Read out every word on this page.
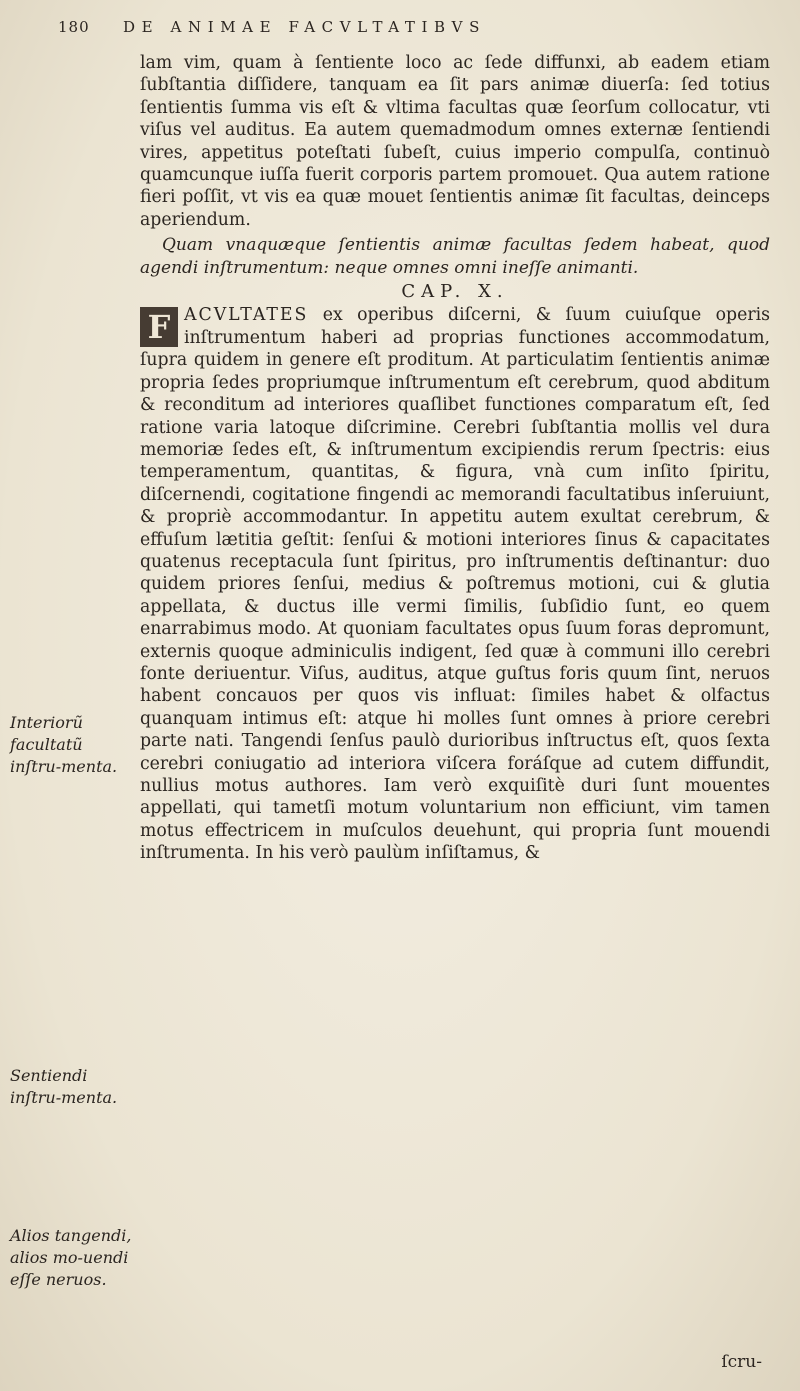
180 DE ANIMAE FACVLTATIBVS
Interiorũ facultatũ inſtru-menta.
Sentiendi inſtru-menta.
Alios tangendi, alios mo-uendi eſſe neruos.

lam vim, quam à ſentiente loco ac ſede diffunxi, ab eadem etiam ſubſtantia diſſidere, tanquam ea ſit pars animæ diuerſa: ſed totius ſentientis ſumma vis eſt & vltima facultas quæ ſeorſum collocatur, vti viſus vel auditus. Ea autem quemadmodum omnes externæ ſentiendi vires, appetitus poteſtati ſubeſt, cuius imperio compulſa, continuò quamcunque iuſſa fuerit corporis partem promouet. Qua autem ratione fieri poſſit, vt vis ea quæ mouet ſentientis animæ ſit facultas, deinceps aperiendum.

Quam vnaquæque ſentientis animæ facultas ſedem habeat, quod agendi inſtrumentum: neque omnes omni ineſſe animanti.

CAP. X.

F ACVLTATES ex operibus diſcerni, & ſuum cuiuſque operis inſtrumentum haberi ad proprias functiones accommodatum, ſupra quidem in genere eſt proditum. At particulatim ſentientis animæ propria ſedes propriumque inſtrumentum eſt cerebrum, quod abditum & reconditum ad interiores quaſlibet functiones comparatum eſt, ſed ratione varia latoque diſcrimine. Cerebri ſubſtantia mollis vel dura memoriæ ſedes eſt, & inſtrumentum excipiendis rerum ſpectris: eius temperamentum, quantitas, & figura, vnà cum inſito ſpiritu, diſcernendi, cogitatione fingendi ac memorandi facultatibus inſeruiunt, & propriè accommodantur. In appetitu autem exultat cerebrum, & effuſum lætitia geſtit: ſenſui & motioni interiores ſinus & capacitates quatenus receptacula ſunt ſpiritus, pro inſtrumentis deſtinantur: duo quidem priores ſenſui, medius & poſtremus motioni, cui & glutia appellata, & ductus ille vermi ſimilis, ſubſidio ſunt, eo quem enarrabimus modo. At quoniam facultates opus ſuum foras depromunt, externis quoque adminiculis indigent, ſed quæ à communi illo cerebri fonte deriuentur. Viſus, auditus, atque guſtus foris quum ſint, neruos habent concauos per quos vis influat: ſimiles habet & olfactus quanquam intimus eſt: atque hi molles ſunt omnes à priore cerebri parte nati. Tangendi ſenſus paulò durioribus inſtructus eſt, quos ſexta cerebri coniugatio ad interiora viſcera foráſque ad cutem diffundit, nullius motus authores. Iam verò exquiſitè duri ſunt mouentes appellati, qui tametſi motum voluntarium non efficiunt, vim tamen motus effectricem in muſculos deuehunt, qui propria ſunt mouendi inſtrumenta. In his verò paulùm inſiſtamus, &

ſcru-
